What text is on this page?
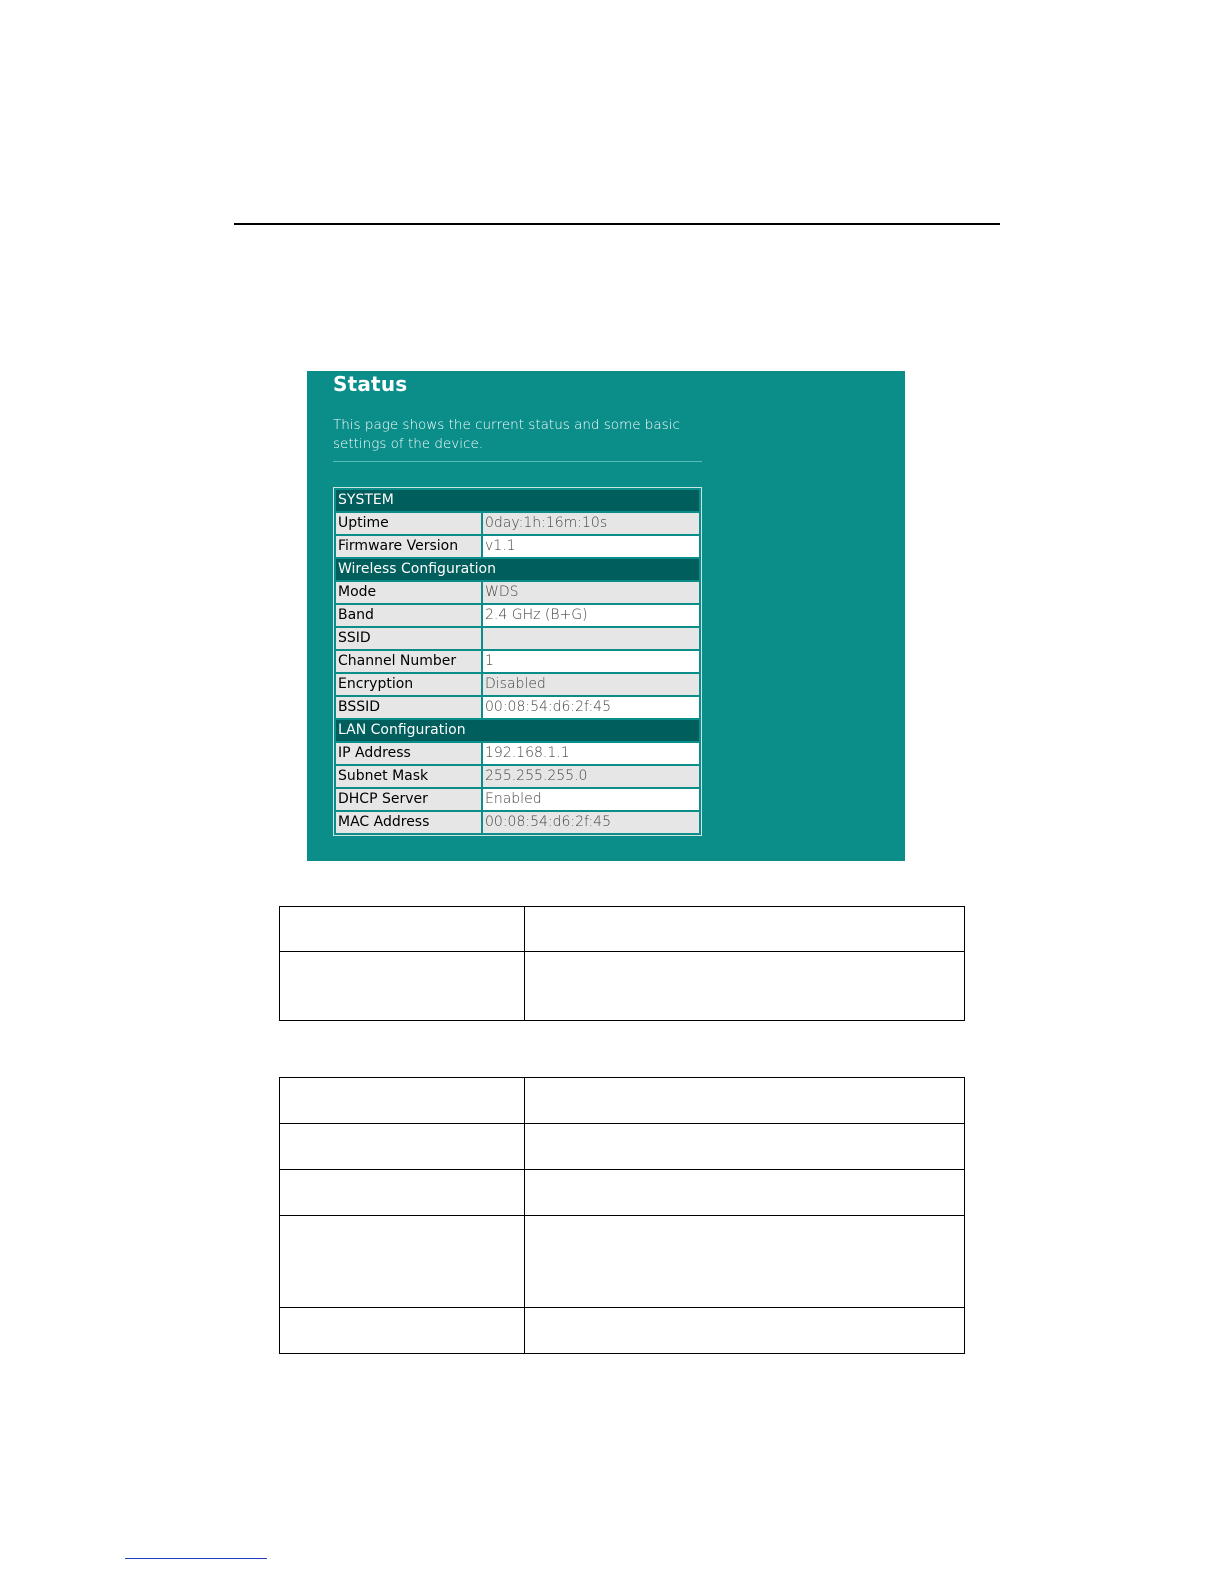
Status
This page shows the current status and some basic settings of the device.
SYSTEM	
Uptime	0day:1h:16m:10s
Firmware Version	v1.1
Wireless Configuration	
Mode	WDS
Band	2.4 GHz (B+G)
SSID	
Channel Number	1
Encryption	Disabled
BSSID	00:08:54:d6:2f:45
LAN Configuration	
IP Address	192.168.1.1
Subnet Mask	255.255.255.0
DHCP Server	Enabled
MAC Address	00:08:54:d6:2f:45
